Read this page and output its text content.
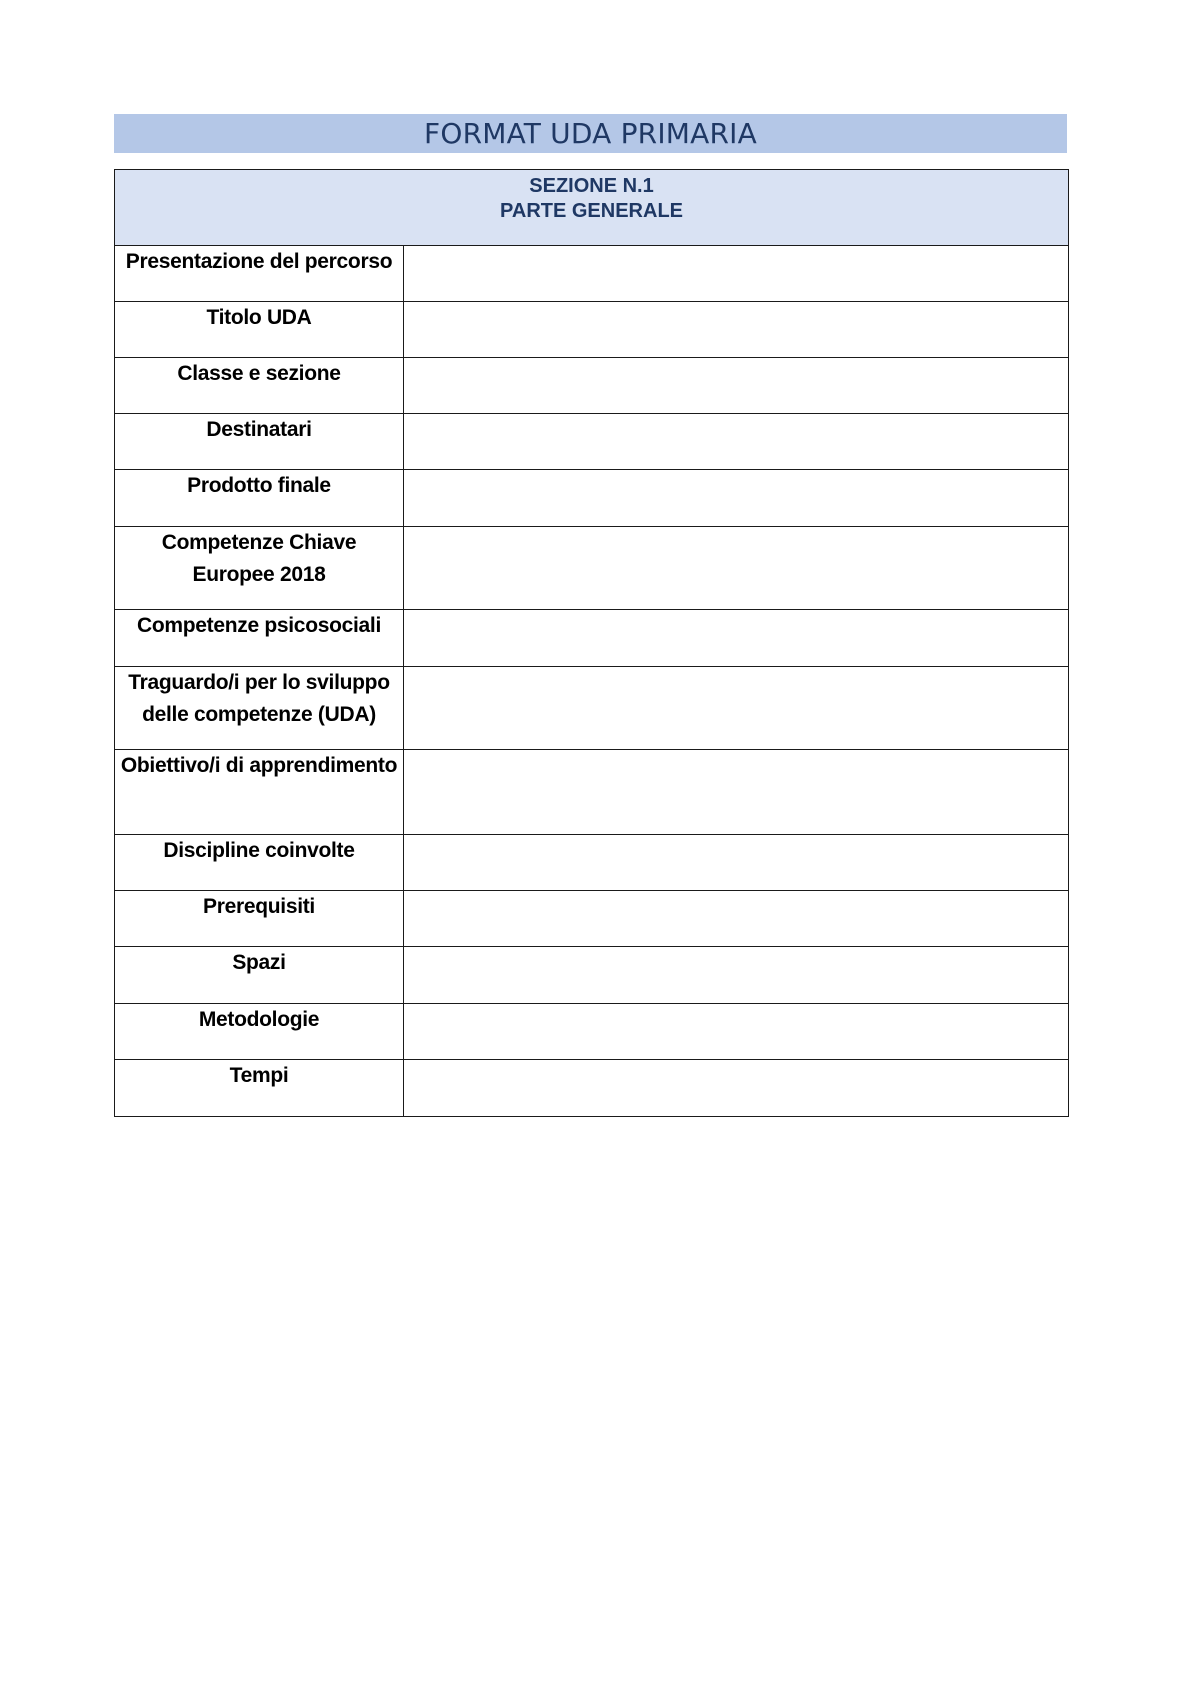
FORMAT UDA PRIMARIA
SEZIONE N.1
PARTE GENERALE	

Presentazione del percorso	
Titolo UDA	
Classe e sezione	
Destinatari	
Prodotto finale	
Competenze Chiave Europee 2018	
Competenze psicosociali	
Traguardo/i per lo sviluppo delle competenze (UDA)	
Obiettivo/i di apprendimento	
Discipline coinvolte	
Prerequisiti	
Spazi	
Metodologie	
Tempi	
